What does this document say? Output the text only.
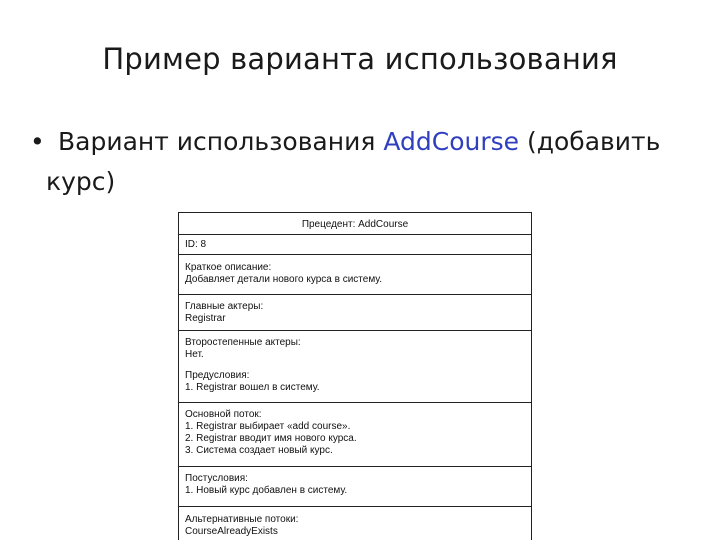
Пример варианта использования
• Вариант использования AddCourse (добавить
курс)
Прецедент: AddCourse
ID: 8
Краткое описание:
Добавляет детали нового курса в систему.
Главные актеры:
Registrar
Второстепенные актеры:
Нет.
Предусловия:
1. Registrar вошел в систему.
Основной поток:
1. Registrar выбирает «add course».
2. Registrar вводит имя нового курса.
3. Система создает новый курс.
Постусловия:
1. Новый курс добавлен в систему.
Альтернативные потоки:
CourseAlreadyExists
